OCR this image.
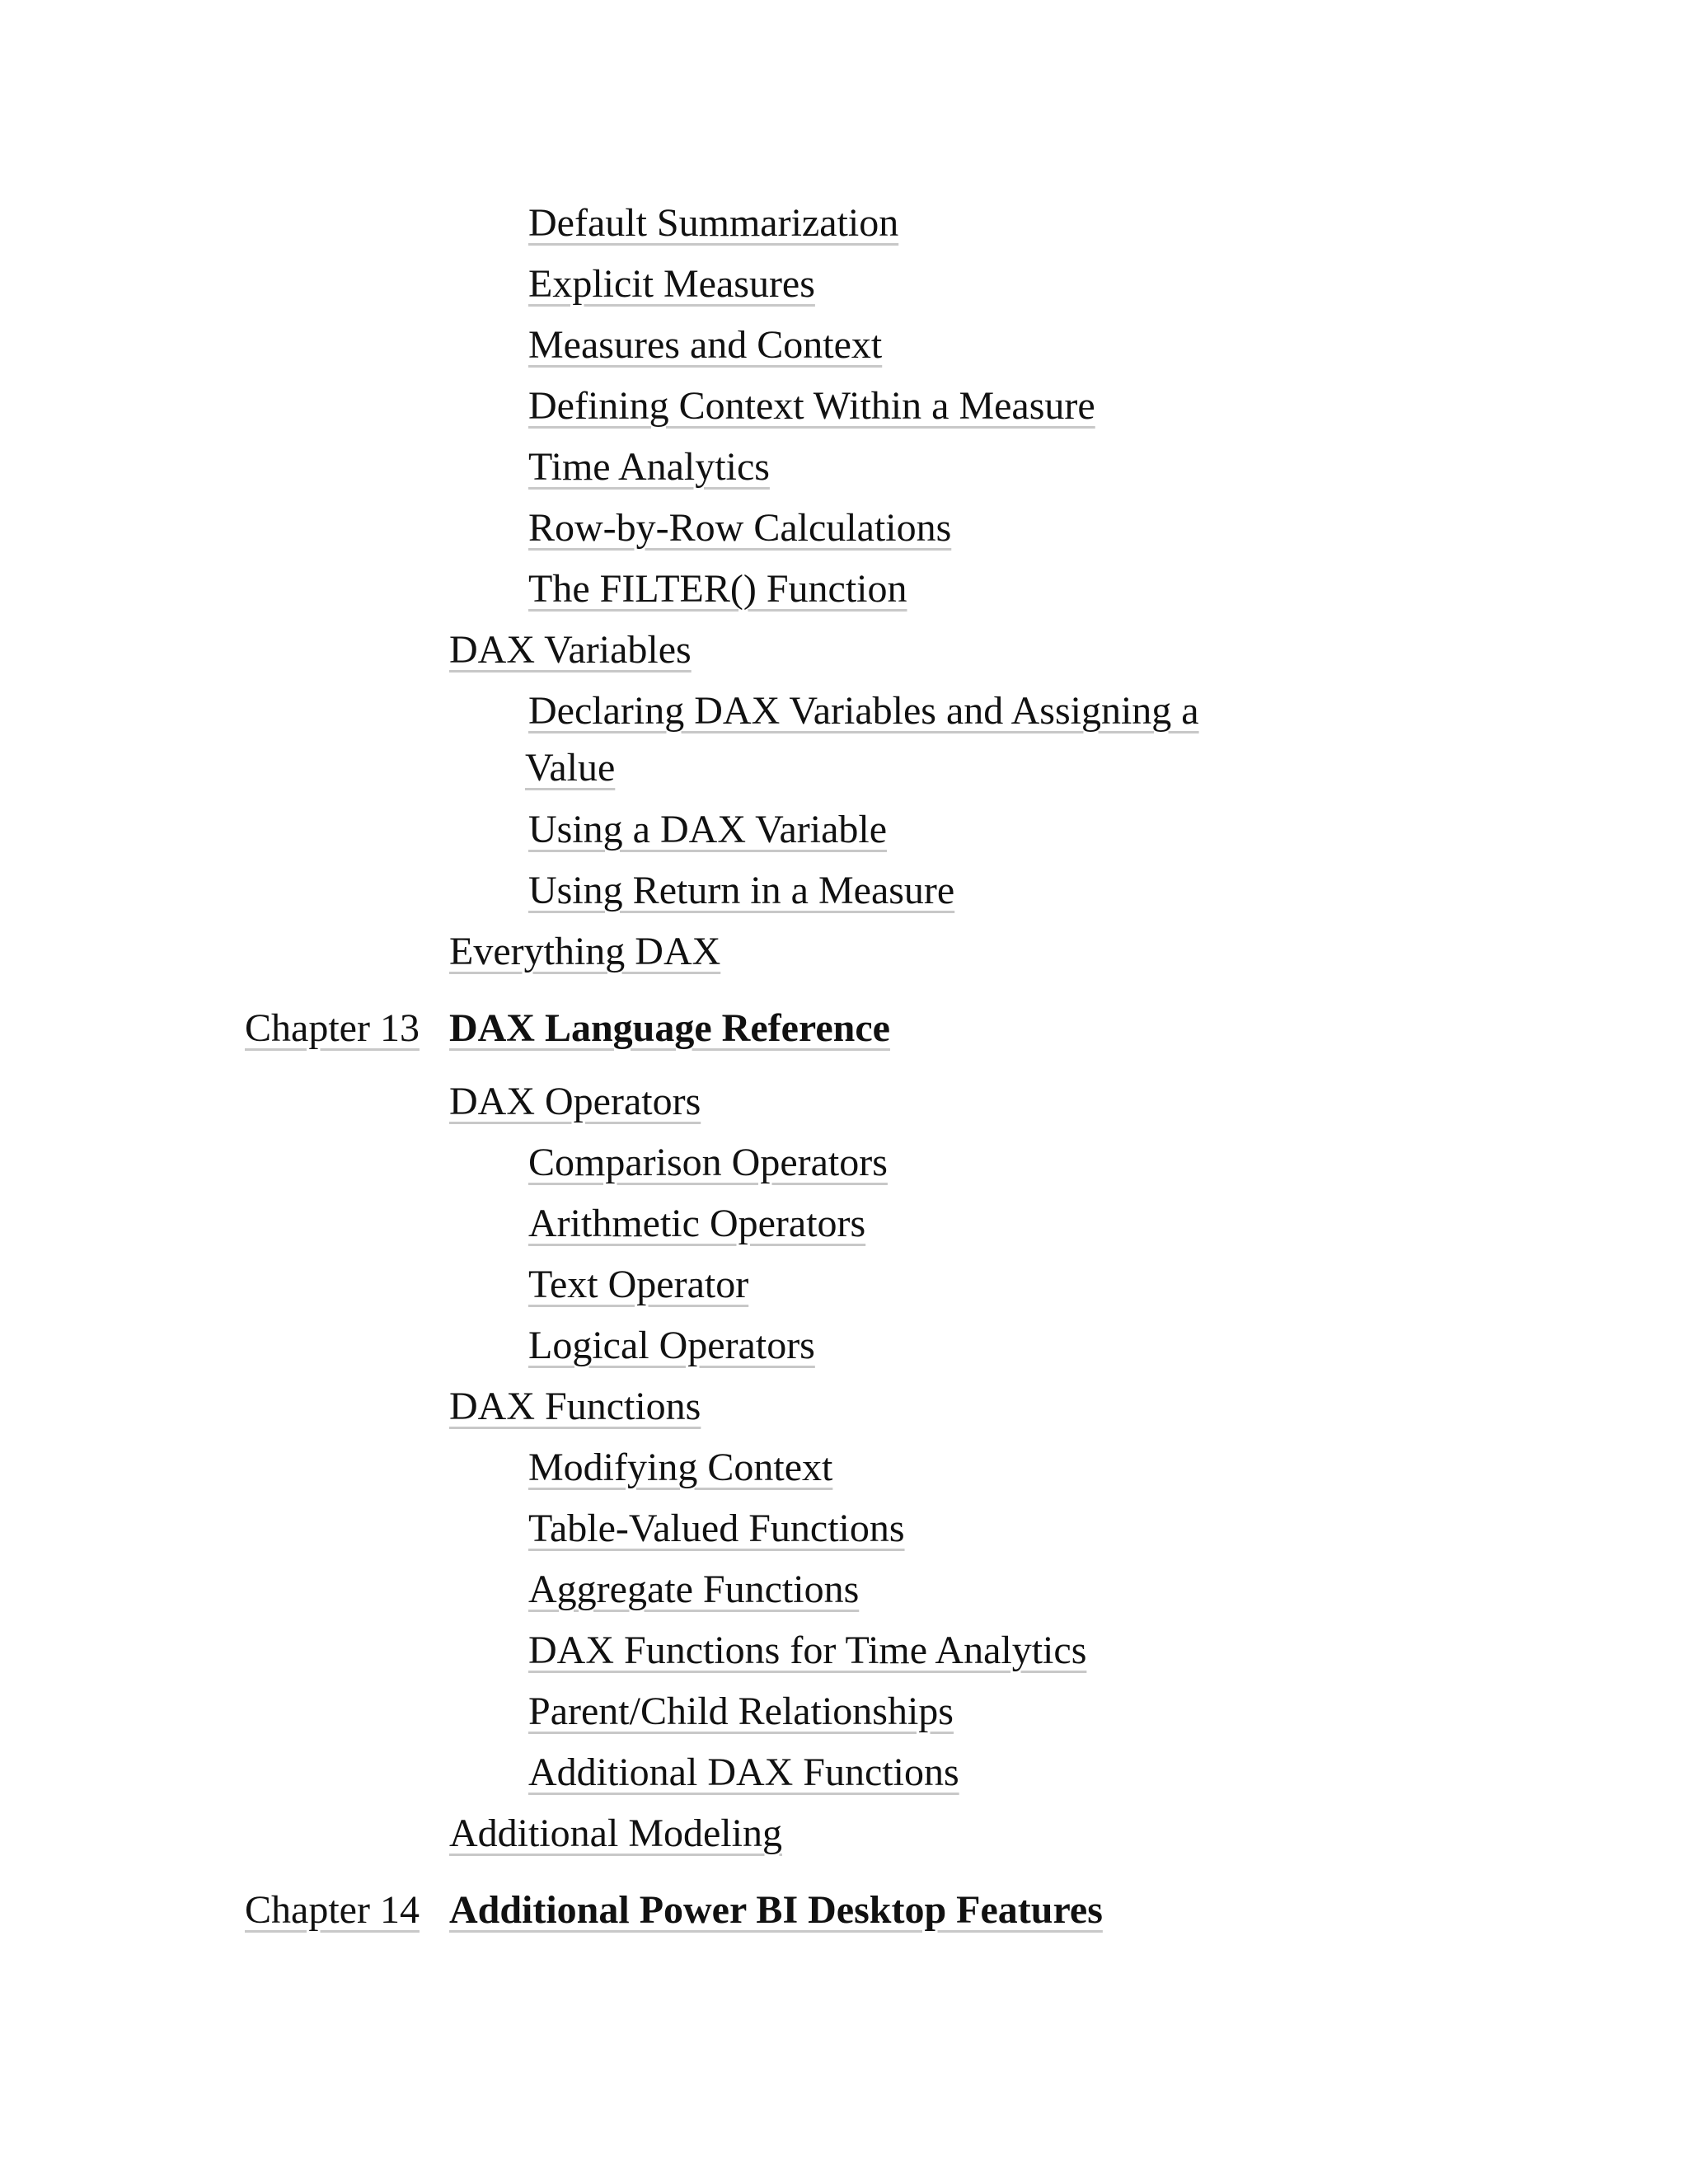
Default Summarization
Explicit Measures
Measures and Context
Defining Context Within a Measure
Time Analytics
Row-by-Row Calculations
The FILTER() Function
DAX Variables
Declaring DAX Variables and Assigning a
Value
Using a DAX Variable
Using Return in a Measure
Everything DAX
Chapter 13 DAX Language Reference
DAX Operators
Comparison Operators
Arithmetic Operators
Text Operator
Logical Operators
DAX Functions
Modifying Context
Table-Valued Functions
Aggregate Functions
DAX Functions for Time Analytics
Parent/Child Relationships
Additional DAX Functions
Additional Modeling
Chapter 14 Additional Power BI Desktop Features
